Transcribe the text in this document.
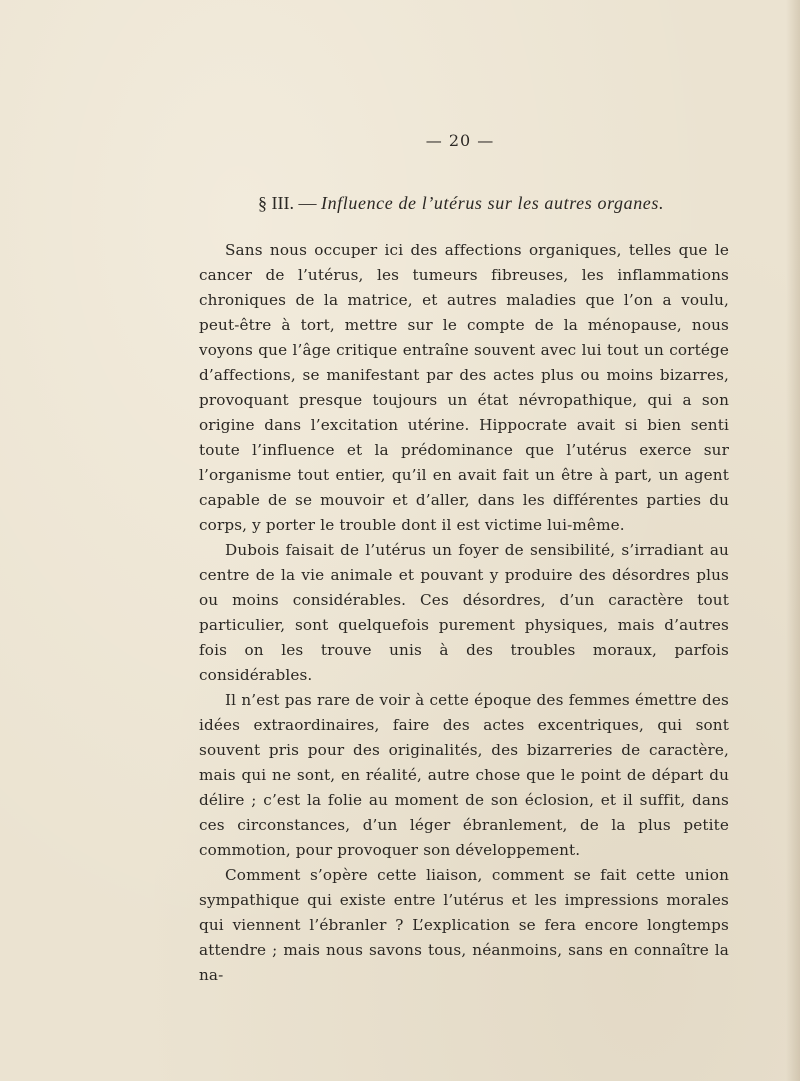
— 20 —
§ III. — Influence de l’utérus sur les autres organes.

Sans nous occuper ici des affections organiques, telles que le cancer de l’utérus, les tumeurs fibreuses, les inflammations chroniques de la matrice, et autres maladies que l’on a voulu, peut-être à tort, mettre sur le compte de la ménopause, nous voyons que l’âge critique entraîne souvent avec lui tout un cortége d’affections, se manifestant par des actes plus ou moins bizarres, provoquant presque toujours un état névropathique, qui a son origine dans l’excitation utérine. Hippocrate avait si bien senti toute l’influence et la prédominance que l’utérus exerce sur l’organisme tout entier, qu’il en avait fait un être à part, un agent capable de se mouvoir et d’aller, dans les différentes parties du corps, y porter le trouble dont il est victime lui-même.

Dubois faisait de l’utérus un foyer de sensibilité, s’irradiant au centre de la vie animale et pouvant y produire des désordres plus ou moins considérables. Ces désordres, d’un caractère tout particulier, sont quelquefois purement physiques, mais d’autres fois on les trouve unis à des troubles moraux, parfois considérables.

Il n’est pas rare de voir à cette époque des femmes émettre des idées extraordinaires, faire des actes excentriques, qui sont souvent pris pour des originalités, des bizarreries de caractère, mais qui ne sont, en réalité, autre chose que le point de départ du délire ; c’est la folie au moment de son éclosion, et il suffit, dans ces circonstances, d’un léger ébranlement, de la plus petite commotion, pour provoquer son développement.

Comment s’opère cette liaison, comment se fait cette union sympathique qui existe entre l’utérus et les impressions morales qui viennent l’ébranler ? L’explication se fera encore longtemps attendre ; mais nous savons tous, néanmoins, sans en connaître la na-
